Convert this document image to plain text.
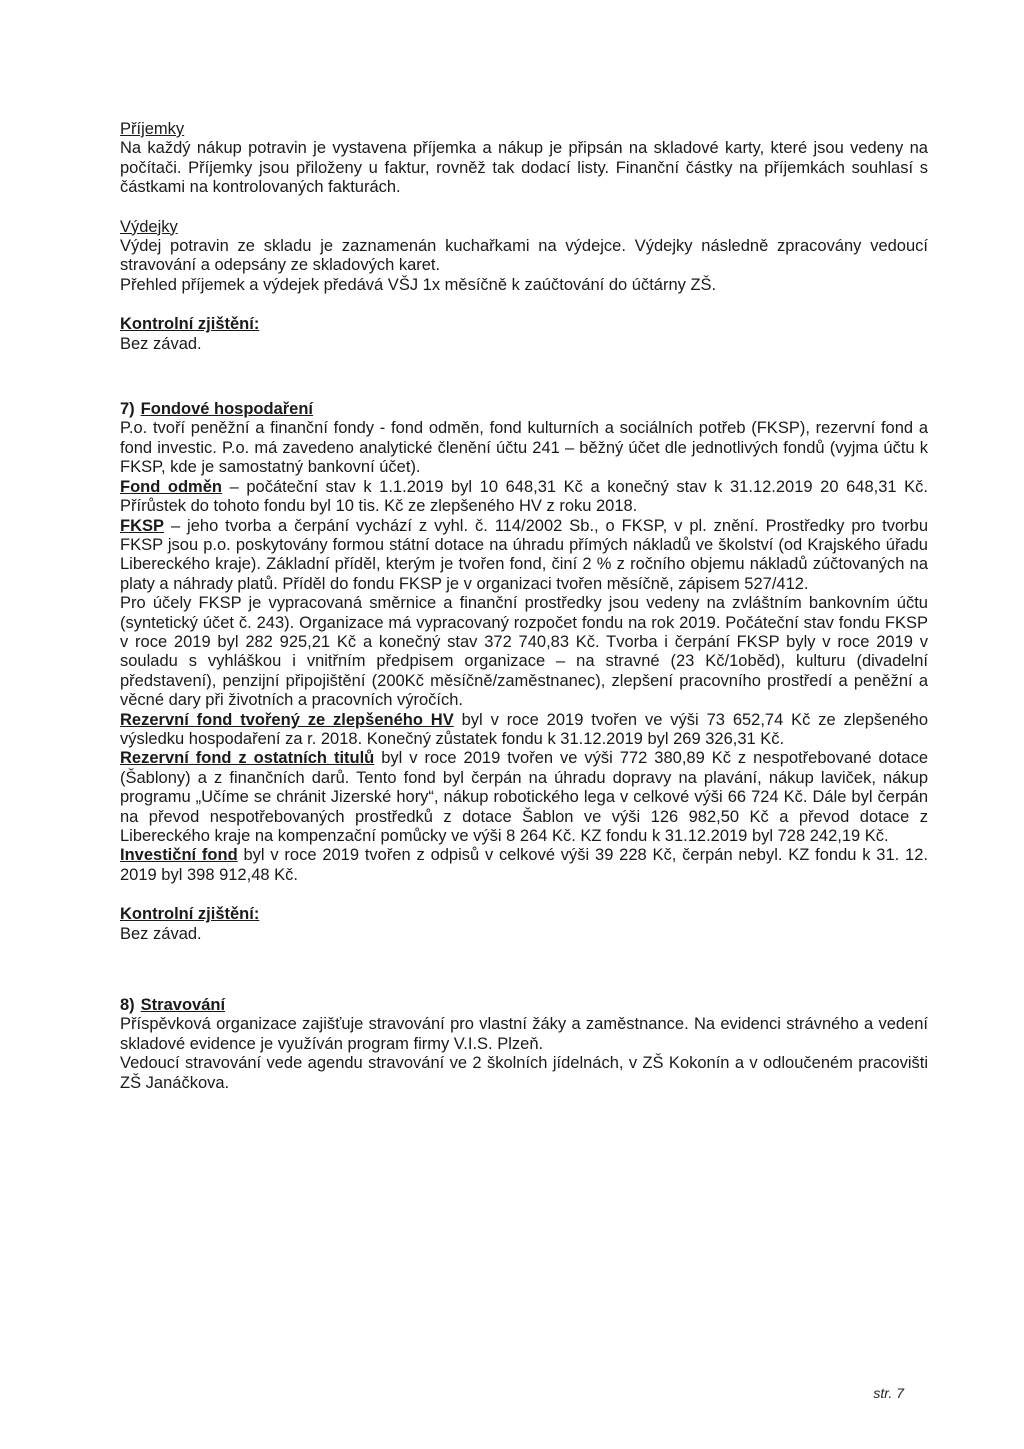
Příjemky

Na každý nákup potravin je vystavena příjemka a nákup je připsán na skladové karty, které jsou vedeny na počítači. Příjemky jsou přiloženy u faktur, rovněž tak dodací listy. Finanční částky na příjemkách souhlasí s částkami na kontrolovaných fakturách.

Výdejky

Výdej potravin ze skladu je zaznamenán kuchařkami na výdejce. Výdejky následně zpracovány vedoucí stravování a odepsány ze skladových karet.

Přehled příjemek a výdejek předává VŠJ 1x měsíčně k zaúčtování do účtárny ZŠ.

Kontrolní zjištění:

Bez závad.

7) Fondové hospodaření

P.o. tvoří peněžní a finanční fondy - fond odměn, fond kulturních a sociálních potřeb (FKSP), rezervní fond a fond investic. P.o. má zavedeno analytické členění účtu 241 – běžný účet dle jednotlivých fondů (vyjma účtu k FKSP, kde je samostatný bankovní účet).

Fond odměn – počáteční stav k 1.1.2019 byl 10 648,31 Kč a konečný stav k 31.12.2019 20 648,31 Kč. Přírůstek do tohoto fondu byl 10 tis. Kč ze zlepšeného HV z roku 2018.

FKSP – jeho tvorba a čerpání vychází z vyhl. č. 114/2002 Sb., o FKSP, v pl. znění. Prostředky pro tvorbu FKSP jsou p.o. poskytovány formou státní dotace na úhradu přímých nákladů ve školství (od Krajského úřadu Libereckého kraje). Základní příděl, kterým je tvořen fond, činí 2 % z ročního objemu nákladů zúčtovaných na platy a náhrady platů. Příděl do fondu FKSP je v organizaci tvořen měsíčně, zápisem 527/412.

Pro účely FKSP je vypracovaná směrnice a finanční prostředky jsou vedeny na zvláštním bankovním účtu (syntetický účet č. 243). Organizace má vypracovaný rozpočet fondu na rok 2019. Počáteční stav fondu FKSP v roce 2019 byl 282 925,21 Kč a konečný stav 372 740,83 Kč. Tvorba i čerpání FKSP byly v roce 2019 v souladu s vyhláškou i vnitřním předpisem organizace – na stravné (23 Kč/1oběd), kulturu (divadelní představení), penzijní připojištění (200Kč měsíčně/zaměstnanec), zlepšení pracovního prostředí a peněžní a věcné dary při životních a pracovních výročích.

Rezervní fond tvořený ze zlepšeného HV byl v roce 2019 tvořen ve výši 73 652,74 Kč ze zlepšeného výsledku hospodaření za r. 2018. Konečný zůstatek fondu k 31.12.2019 byl 269 326,31 Kč.

Rezervní fond z ostatních titulů byl v roce 2019 tvořen ve výši 772 380,89 Kč z nespotřebované dotace (Šablony) a z finančních darů. Tento fond byl čerpán na úhradu dopravy na plavání, nákup laviček, nákup programu „Učíme se chránit Jizerské hory“, nákup robotického lega v celkové výši 66 724 Kč. Dále byl čerpán na převod nespotřebovaných prostředků z dotace Šablon ve výši 126 982,50 Kč a převod dotace z Libereckého kraje na kompenzační pomůcky ve výši 8 264 Kč. KZ fondu k 31.12.2019 byl 728 242,19 Kč.

Investiční fond byl v roce 2019 tvořen z odpisů v celkové výši 39 228 Kč, čerpán nebyl. KZ fondu k 31. 12. 2019 byl 398 912,48 Kč.

Kontrolní zjištění:

Bez závad.

8) Stravování

Příspěvková organizace zajišťuje stravování pro vlastní žáky a zaměstnance. Na evidenci strávného a vedení skladové evidence je využíván program firmy V.I.S. Plzeň.

Vedoucí stravování vede agendu stravování ve 2 školních jídelnách, v ZŠ Kokonín a v odloučeném pracovišti ZŠ Janáčkova.

str. 7
